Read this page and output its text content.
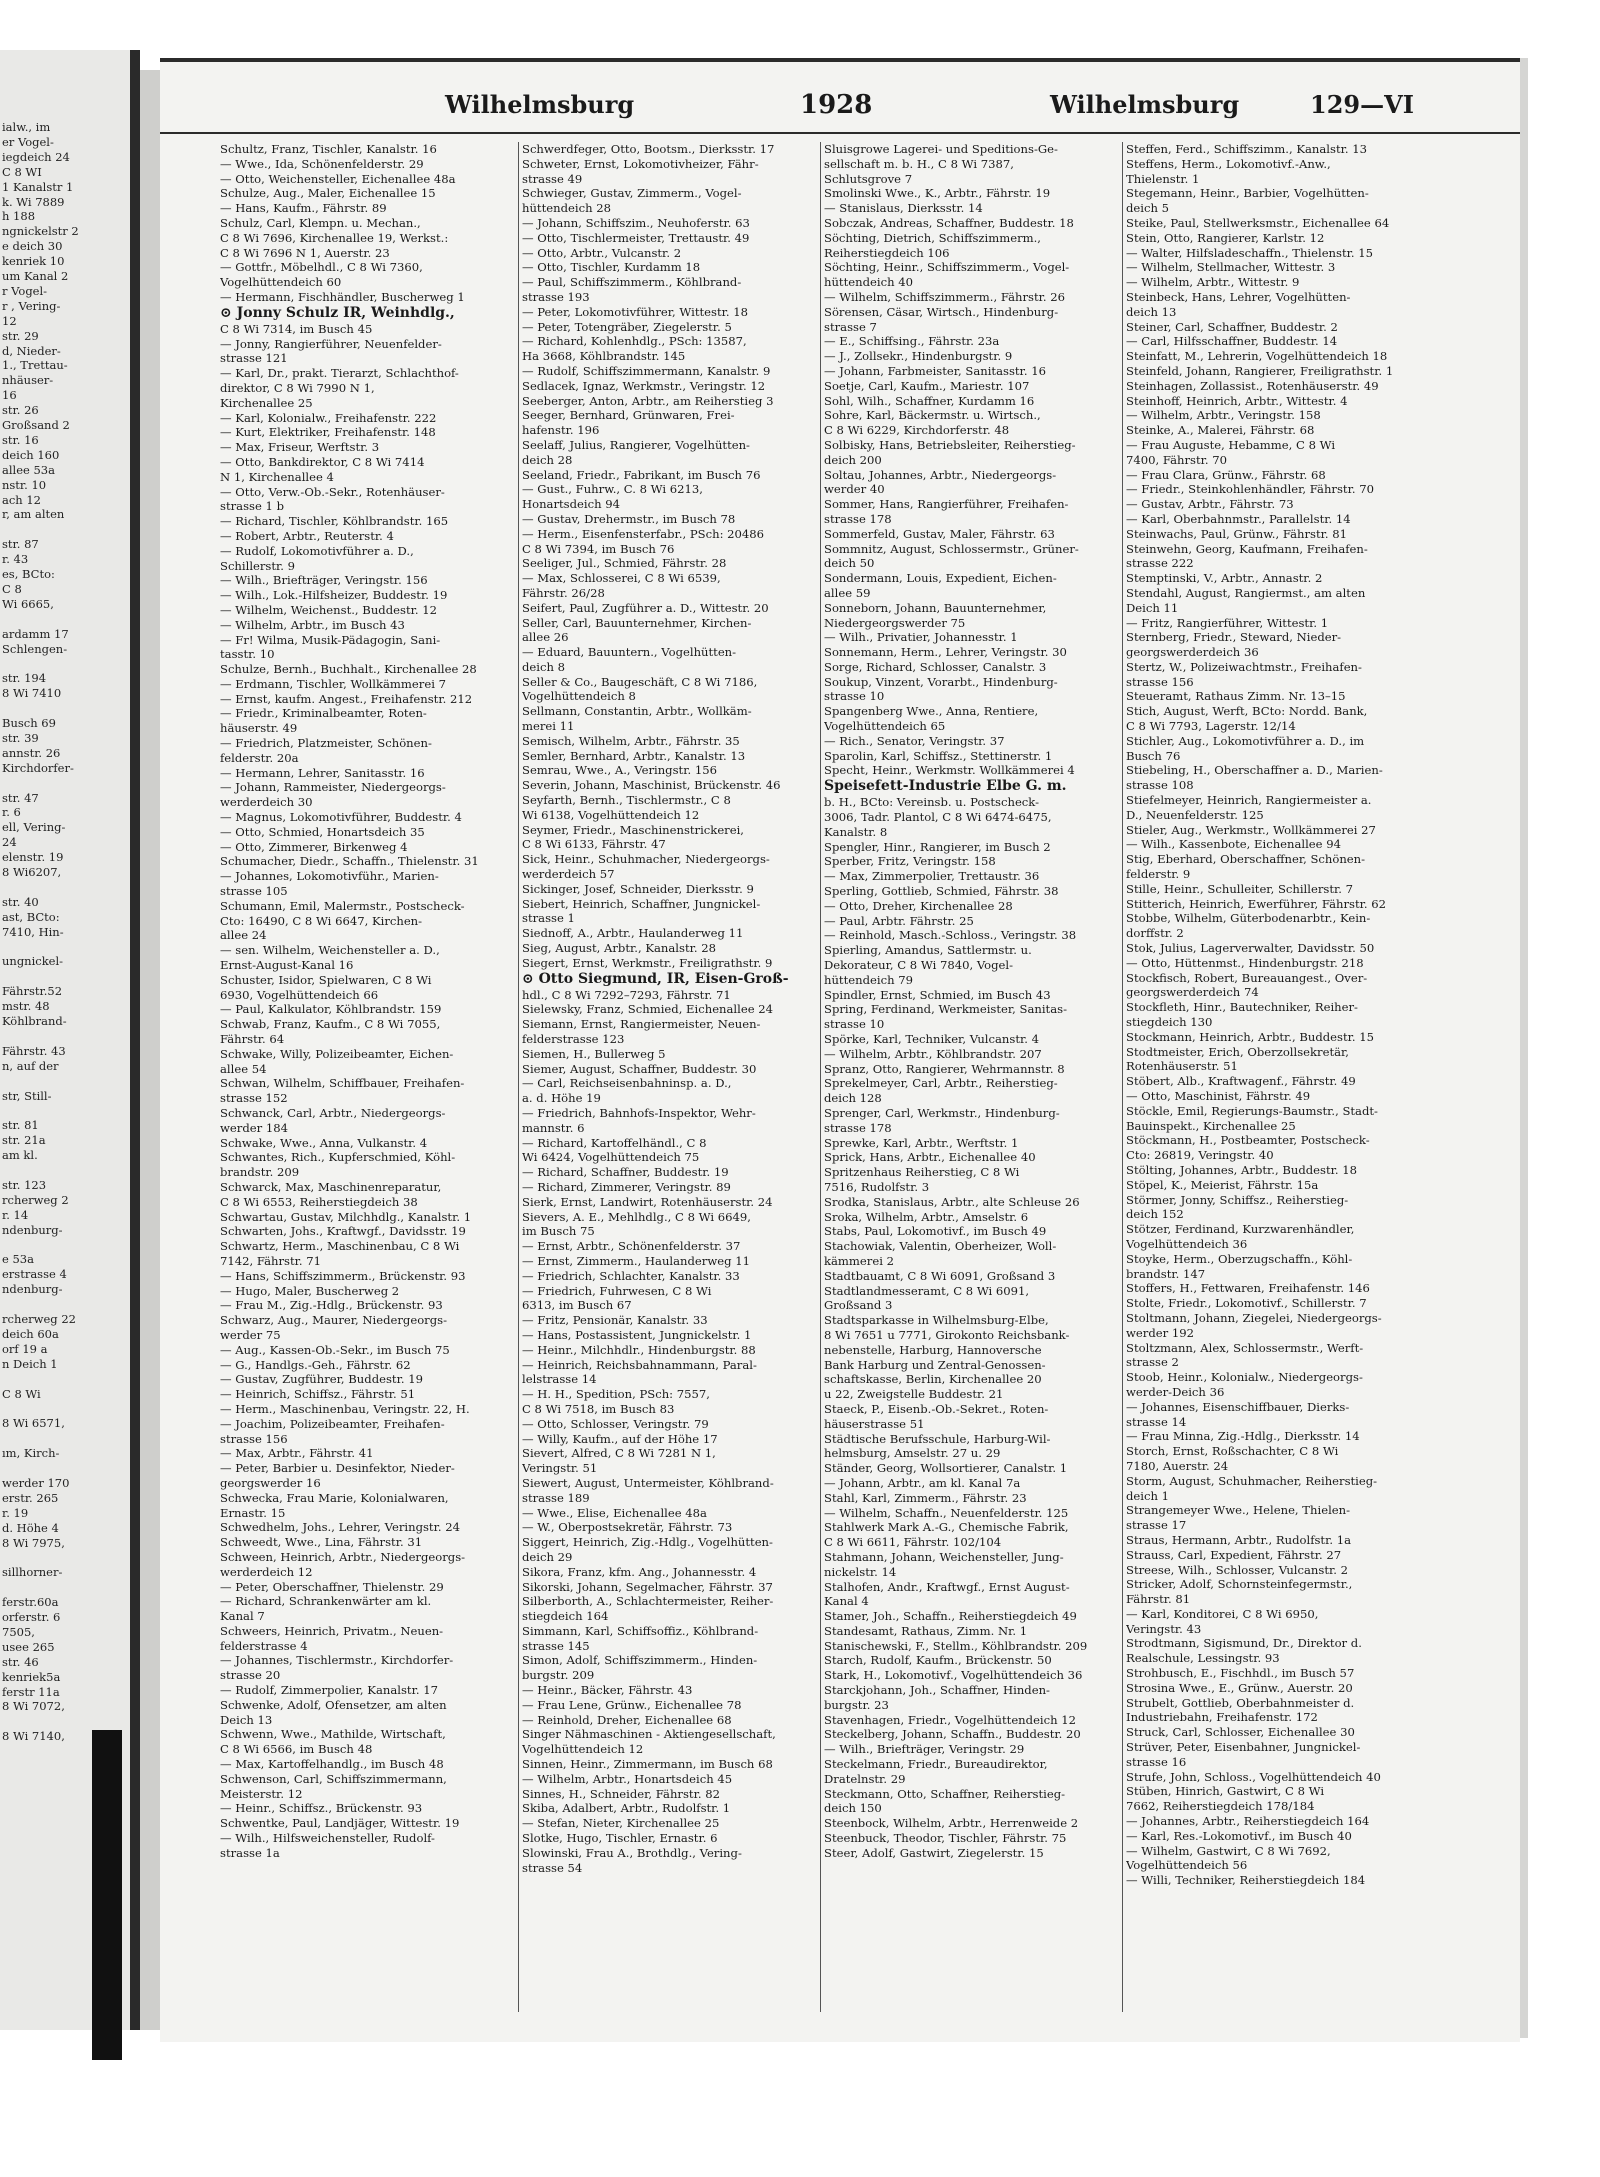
ialw., im
er Vogel-
iegdeich 24
C 8 WI
1 Kanalstr 1
k. Wi 7889
h 188
ngnickelstr 2
e deich 30
kenriek 10
um Kanal 2
r Vogel-
r , Vering-
12
str. 29
d, Nieder-
1., Trettau-
nhäuser-
16
str. 26
Großsand 2
str. 16
deich 160
allee 53a
nstr. 10
ach 12
r, am alten
str. 87
r. 43
es, BCto:
C 8
Wi 6665,
ardamm 17
Schlengen-
str. 194
8 Wi 7410
Busch 69
str. 39
annstr. 26
Kirchdorfer-
str. 47
r. 6
ell, Vering-
24
elenstr. 19
8 Wi6207,
str. 40
ast, BCto:
7410, Hin-
ungnickel-
Fährstr.52
mstr. 48
Köhlbrand-
Fährstr. 43
n, auf der
str, Still-
str. 81
str. 21a
am kl.
str. 123
rcherweg 2
r. 14
ndenburg-
e 53a
erstrasse 4
ndenburg-
rcherweg 22
deich 60a
orf 19 a
n Deich 1
C 8 Wi
8 Wi 6571,
ım, Kirch-
werder 170
erstr. 265
r. 19
d. Höhe 4
8 Wi 7975,
sillhorner-
ferstr.60a
orferstr. 6
7505,
usee 265
str. 46
kenriek5a
ferstr 11a
8 Wi 7072,
8 Wi 7140,
Wilhelmsburg	1928	Wilhelmsburg	129—VI

Schultz, Franz, Tischler, Kanalstr. 16

— Wwe., Ida, Schönenfelderstr. 29

— Otto, Weichensteller, Eichenallee 48a

Schulze, Aug., Maler, Eichenallee 15

— Hans, Kaufm., Fährstr. 89

Schulz, Carl, Klempn. u. Mechan.,

C 8 Wi 7696, Kirchenallee 19, Werkst.:

C 8 Wi 7696 N 1, Auerstr. 23

— Gottfr., Möbelhdl., C 8 Wi 7360,

Vogelhüttendeich 60

— Hermann, Fischhändler, Buscherweg 1

⊙ Jonny Schulz IR, Weinhdlg.,

C 8 Wi 7314, im Busch 45

— Jonny, Rangierführer, Neuenfelder-

strasse 121

— Karl, Dr., prakt. Tierarzt, Schlachthof-

direktor, C 8 Wi 7990 N 1,

Kirchenallee 25

— Karl, Kolonialw., Freihafenstr. 222

— Kurt, Elektriker, Freihafenstr. 148

— Max, Friseur, Werftstr. 3

— Otto, Bankdirektor, C 8 Wi 7414

N 1, Kirchenallee 4

— Otto, Verw.-Ob.-Sekr., Rotenhäuser-

strasse 1 b

— Richard, Tischler, Köhlbrandstr. 165

— Robert, Arbtr., Reuterstr. 4

— Rudolf, Lokomotivführer a. D.,

Schillerstr. 9

— Wilh., Briefträger, Veringstr. 156

— Wilh., Lok.-Hilfsheizer, Buddestr. 19

— Wilhelm, Weichenst., Buddestr. 12

— Wilhelm, Arbtr., im Busch 43

— Fr! Wilma, Musik-Pädagogin, Sani-

tasstr. 10

Schulze, Bernh., Buchhalt., Kirchenallee 28

— Erdmann, Tischler, Wollkämmerei 7

— Ernst, kaufm. Angest., Freihafenstr. 212

— Friedr., Kriminalbeamter, Roten-

häuserstr. 49

— Friedrich, Platzmeister, Schönen-

felderstr. 20a

— Hermann, Lehrer, Sanitasstr. 16

— Johann, Rammeister, Niedergeorgs-

werderdeich 30

— Magnus, Lokomotivführer, Buddestr. 4

— Otto, Schmied, Honartsdeich 35

— Otto, Zimmerer, Birkenweg 4

Schumacher, Diedr., Schaffn., Thielenstr. 31

— Johannes, Lokomotivführ., Marien-

strasse 105

Schumann, Emil, Malermstr., Postscheck-

Cto: 16490, C 8 Wi 6647, Kirchen-

allee 24

— sen. Wilhelm, Weichensteller a. D.,

Ernst-August-Kanal 16

Schuster, Isidor, Spielwaren, C 8 Wi

6930, Vogelhüttendeich 66

— Paul, Kalkulator, Köhlbrandstr. 159

Schwab, Franz, Kaufm., C 8 Wi 7055,

Fährstr. 64

Schwake, Willy, Polizeibeamter, Eichen-

allee 54

Schwan, Wilhelm, Schiffbauer, Freihafen-

strasse 152

Schwanck, Carl, Arbtr., Niedergeorgs-

werder 184

Schwake, Wwe., Anna, Vulkanstr. 4

Schwantes, Rich., Kupferschmied, Köhl-

brandstr. 209

Schwarck, Max, Maschinenreparatur,

C 8 Wi 6553, Reiherstiegdeich 38

Schwartau, Gustav, Milchhdlg., Kanalstr. 1

Schwarten, Johs., Kraftwgf., Davidsstr. 19

Schwartz, Herm., Maschinenbau, C 8 Wi

7142, Fährstr. 71

— Hans, Schiffszimmerm., Brückenstr. 93

— Hugo, Maler, Buscherweg 2

— Frau M., Zig.-Hdlg., Brückenstr. 93

Schwarz, Aug., Maurer, Niedergeorgs-

werder 75

— Aug., Kassen-Ob.-Sekr., im Busch 75

— G., Handlgs.-Geh., Fährstr. 62

— Gustav, Zugführer, Buddestr. 19

— Heinrich, Schiffsz., Fährstr. 51

— Herm., Maschinenbau, Veringstr. 22, H.

— Joachim, Polizeibeamter, Freihafen-

strasse 156

— Max, Arbtr., Fährstr. 41

— Peter, Barbier u. Desinfektor, Nieder-

georgswerder 16

Schwecka, Frau Marie, Kolonialwaren,

Ernastr. 15

Schwedhelm, Johs., Lehrer, Veringstr. 24

Schweedt, Wwe., Lina, Fährstr. 31

Schween, Heinrich, Arbtr., Niedergeorgs-

werderdeich 12

— Peter, Oberschaffner, Thielenstr. 29

— Richard, Schrankenwärter am kl.

Kanal 7

Schweers, Heinrich, Privatm., Neuen-

felderstrasse 4

— Johannes, Tischlermstr., Kirchdorfer-

strasse 20

— Rudolf, Zimmerpolier, Kanalstr. 17

Schwenke, Adolf, Ofensetzer, am alten

Deich 13

Schwenn, Wwe., Mathilde, Wirtschaft,

C 8 Wi 6566, im Busch 48

— Max, Kartoffelhandlg., im Busch 48

Schwenson, Carl, Schiffszimmermann,

Meisterstr. 12

— Heinr., Schiffsz., Brückenstr. 93

Schwentke, Paul, Landjäger, Wittestr. 19

— Wilh., Hilfsweichensteller, Rudolf-

strasse 1a

Schwerdfeger, Otto, Bootsm., Dierksstr. 17

Schweter, Ernst, Lokomotivheizer, Fähr-

strasse 49

Schwieger, Gustav, Zimmerm., Vogel-

hüttendeich 28

— Johann, Schiffszim., Neuhoferstr. 63

— Otto, Tischlermeister, Trettaustr. 49

— Otto, Arbtr., Vulcanstr. 2

— Otto, Tischler, Kurdamm 18

— Paul, Schiffszimmerm., Köhlbrand-

strasse 193

— Peter, Lokomotivführer, Wittestr. 18

— Peter, Totengräber, Ziegelerstr. 5

— Richard, Kohlenhdlg., PSch: 13587,

Ha 3668, Köhlbrandstr. 145

— Rudolf, Schiffszimmermann, Kanalstr. 9

Sedlacek, Ignaz, Werkmstr., Veringstr. 12

Seeberger, Anton, Arbtr., am Reiherstieg 3

Seeger, Bernhard, Grünwaren, Frei-

hafenstr. 196

Seelaff, Julius, Rangierer, Vogelhütten-

deich 28

Seeland, Friedr., Fabrikant, im Busch 76

— Gust., Fuhrw., C. 8 Wi 6213,

Honartsdeich 94

— Gustav, Drehermstr., im Busch 78

— Herm., Eisenfensterfabr., PSch: 20486

C 8 Wi 7394, im Busch 76

Seeliger, Jul., Schmied, Fährstr. 28

— Max, Schlosserei, C 8 Wi 6539,

Fährstr. 26/28

Seifert, Paul, Zugführer a. D., Wittestr. 20

Seller, Carl, Bauunternehmer, Kirchen-

allee 26

— Eduard, Bauuntern., Vogelhütten-

deich 8

Seller & Co., Baugeschäft, C 8 Wi 7186,

Vogelhüttendeich 8

Sellmann, Constantin, Arbtr., Wollkäm-

merei 11

Semisch, Wilhelm, Arbtr., Fährstr. 35

Semler, Bernhard, Arbtr., Kanalstr. 13

Semrau, Wwe., A., Veringstr. 156

Severin, Johann, Maschinist, Brückenstr. 46

Seyfarth, Bernh., Tischlermstr., C 8

Wi 6138, Vogelhüttendeich 12

Seymer, Friedr., Maschinenstrickerei,

C 8 Wi 6133, Fährstr. 47

Sick, Heinr., Schuhmacher, Niedergeorgs-

werderdeich 57

Sickinger, Josef, Schneider, Dierksstr. 9

Siebert, Heinrich, Schaffner, Jungnickel-

strasse 1

Siednoff, A., Arbtr., Haulanderweg 11

Sieg, August, Arbtr., Kanalstr. 28

Siegert, Ernst, Werkmstr., Freiligrathstr. 9

⊙ Otto Siegmund, IR, Eisen-Groß-

hdl., C 8 Wi 7292–7293, Fährstr. 71

Sielewsky, Franz, Schmied, Eichenallee 24

Siemann, Ernst, Rangiermeister, Neuen-

felderstrasse 123

Siemen, H., Bullerweg 5

Siemer, August, Schaffner, Buddestr. 30

— Carl, Reichseisenbahninsp. a. D.,

a. d. Höhe 19

— Friedrich, Bahnhofs-Inspektor, Wehr-

mannstr. 6

— Richard, Kartoffelhändl., C 8

Wi 6424, Vogelhüttendeich 75

— Richard, Schaffner, Buddestr. 19

— Richard, Zimmerer, Veringstr. 89

Sierk, Ernst, Landwirt, Rotenhäuserstr. 24

Sievers, A. E., Mehlhdlg., C 8 Wi 6649,

im Busch 75

— Ernst, Arbtr., Schönenfelderstr. 37

— Ernst, Zimmerm., Haulanderweg 11

— Friedrich, Schlachter, Kanalstr. 33

— Friedrich, Fuhrwesen, C 8 Wi

6313, im Busch 67

— Fritz, Pensionär, Kanalstr. 33

— Hans, Postassistent, Jungnickelstr. 1

— Heinr., Milchhdlr., Hindenburgstr. 88

— Heinrich, Reichsbahnammann, Paral-

lelstrasse 14

— H. H., Spedition, PSch: 7557,

C 8 Wi 7518, im Busch 83

— Otto, Schlosser, Veringstr. 79

— Willy, Kaufm., auf der Höhe 17

Sievert, Alfred, C 8 Wi 7281 N 1,

Veringstr. 51

Siewert, August, Untermeister, Köhlbrand-

strasse 189

— Wwe., Elise, Eichenallee 48a

— W., Oberpostsekretär, Fährstr. 73

Siggert, Heinrich, Zig.-Hdlg., Vogelhütten-

deich 29

Sikora, Franz, kfm. Ang., Johannesstr. 4

Sikorski, Johann, Segelmacher, Fährstr. 37

Silberborth, A., Schlachtermeister, Reiher-

stiegdeich 164

Simmann, Karl, Schiffsoffiz., Köhlbrand-

strasse 145

Simon, Adolf, Schiffszimmerm., Hinden-

burgstr. 209

— Heinr., Bäcker, Fährstr. 43

— Frau Lene, Grünw., Eichenallee 78

— Reinhold, Dreher, Eichenallee 68

Singer Nähmaschinen - Aktiengesellschaft,

Vogelhüttendeich 12

Sinnen, Heinr., Zimmermann, im Busch 68

— Wilhelm, Arbtr., Honartsdeich 45

Sinnes, H., Schneider, Fährstr. 82

Skiba, Adalbert, Arbtr., Rudolfstr. 1

— Stefan, Nieter, Kirchenallee 25

Slotke, Hugo, Tischler, Ernastr. 6

Slowinski, Frau A., Brothdlg., Vering-

strasse 54

Sluisgrowe Lagerei- und Speditions-Ge-

sellschaft m. b. H., C 8 Wi 7387,

Schlutsgrove 7

Smolinski Wwe., K., Arbtr., Fährstr. 19

— Stanislaus, Dierksstr. 14

Sobczak, Andreas, Schaffner, Buddestr. 18

Söchting, Dietrich, Schiffszimmerm.,

Reiherstiegdeich 106

Söchting, Heinr., Schiffszimmerm., Vogel-

hüttendeich 40

— Wilhelm, Schiffszimmerm., Fährstr. 26

Sörensen, Cäsar, Wirtsch., Hindenburg-

strasse 7

— E., Schiffsing., Fährstr. 23a

— J., Zollsekr., Hindenburgstr. 9

— Johann, Farbmeister, Sanitasstr. 16

Soetje, Carl, Kaufm., Mariestr. 107

Sohl, Wilh., Schaffner, Kurdamm 16

Sohre, Karl, Bäckermstr. u. Wirtsch.,

C 8 Wi 6229, Kirchdorferstr. 48

Solbisky, Hans, Betriebsleiter, Reiherstieg-

deich 200

Soltau, Johannes, Arbtr., Niedergeorgs-

werder 40

Sommer, Hans, Rangierführer, Freihafen-

strasse 178

Sommerfeld, Gustav, Maler, Fährstr. 63

Sommnitz, August, Schlossermstr., Grüner-

deich 50

Sondermann, Louis, Expedient, Eichen-

allee 59

Sonneborn, Johann, Bauunternehmer,

Niedergeorgswerder 75

— Wilh., Privatier, Johannesstr. 1

Sonnemann, Herm., Lehrer, Veringstr. 30

Sorge, Richard, Schlosser, Canalstr. 3

Soukup, Vinzent, Vorarbt., Hindenburg-

strasse 10

Spangenberg Wwe., Anna, Rentiere,

Vogelhüttendeich 65

— Rich., Senator, Veringstr. 37

Sparolin, Karl, Schiffsz., Stettinerstr. 1

Specht, Heinr., Werkmstr. Wollkämmerei 4

Speisefett-Industrie Elbe G. m.

b. H., BCto: Vereinsb. u. Postscheck-

3006, Tadr. Plantol, C 8 Wi 6474-6475,

Kanalstr. 8

Spengler, Hinr., Rangierer, im Busch 2

Sperber, Fritz, Veringstr. 158

— Max, Zimmerpolier, Trettaustr. 36

Sperling, Gottlieb, Schmied, Fährstr. 38

— Otto, Dreher, Kirchenallee 28

— Paul, Arbtr. Fährstr. 25

— Reinhold, Masch.-Schloss., Veringstr. 38

Spierling, Amandus, Sattlermstr. u.

Dekorateur, C 8 Wi 7840, Vogel-

hüttendeich 79

Spindler, Ernst, Schmied, im Busch 43

Spring, Ferdinand, Werkmeister, Sanitas-

strasse 10

Spörke, Karl, Techniker, Vulcanstr. 4

— Wilhelm, Arbtr., Köhlbrandstr. 207

Spranz, Otto, Rangierer, Wehrmannstr. 8

Sprekelmeyer, Carl, Arbtr., Reiherstieg-

deich 128

Sprenger, Carl, Werkmstr., Hindenburg-

strasse 178

Sprewke, Karl, Arbtr., Werftstr. 1

Sprick, Hans, Arbtr., Eichenallee 40

Spritzenhaus Reiherstieg, C 8 Wi

7516, Rudolfstr. 3

Srodka, Stanislaus, Arbtr., alte Schleuse 26

Sroka, Wilhelm, Arbtr., Amselstr. 6

Stabs, Paul, Lokomotivf., im Busch 49

Stachowiak, Valentin, Oberheizer, Woll-

kämmerei 2

Stadtbauamt, C 8 Wi 6091, Großsand 3

Stadtlandmesseramt, C 8 Wi 6091,

Großsand 3

Stadtsparkasse in Wilhelmsburg-Elbe,

8 Wi 7651 u 7771, Girokonto Reichsbank-

nebenstelle, Harburg, Hannoversche

Bank Harburg und Zentral-Genossen-

schaftskasse, Berlin, Kirchenallee 20

u 22, Zweigstelle Buddestr. 21

Staeck, P., Eisenb.-Ob.-Sekret., Roten-

häuserstrasse 51

Städtische Berufsschule, Harburg-Wil-

helmsburg, Amselstr. 27 u. 29

Ständer, Georg, Wollsortierer, Canalstr. 1

— Johann, Arbtr., am kl. Kanal 7a

Stahl, Karl, Zimmerm., Fährstr. 23

— Wilhelm, Schaffn., Neuenfelderstr. 125

Stahlwerk Mark A.-G., Chemische Fabrik,

C 8 Wi 6611, Fährstr. 102/104

Stahmann, Johann, Weichensteller, Jung-

nickelstr. 14

Stalhofen, Andr., Kraftwgf., Ernst August-

Kanal 4

Stamer, Joh., Schaffn., Reiherstiegdeich 49

Standesamt, Rathaus, Zimm. Nr. 1

Stanischewski, F., Stellm., Köhlbrandstr. 209

Starch, Rudolf, Kaufm., Brückenstr. 50

Stark, H., Lokomotivf., Vogelhüttendeich 36

Starckjohann, Joh., Schaffner, Hinden-

burgstr. 23

Stavenhagen, Friedr., Vogelhüttendeich 12

Steckelberg, Johann, Schaffn., Buddestr. 20

— Wilh., Briefträger, Veringstr. 29

Steckelmann, Friedr., Bureaudirektor,

Dratelnstr. 29

Steckmann, Otto, Schaffner, Reiherstieg-

deich 150

Steenbock, Wilhelm, Arbtr., Herrenweide 2

Steenbuck, Theodor, Tischler, Fährstr. 75

Steer, Adolf, Gastwirt, Ziegelerstr. 15

Steffen, Ferd., Schiffszimm., Kanalstr. 13

Steffens, Herm., Lokomotivf.-Anw.,

Thielenstr. 1

Stegemann, Heinr., Barbier, Vogelhütten-

deich 5

Steike, Paul, Stellwerksmstr., Eichenallee 64

Stein, Otto, Rangierer, Karlstr. 12

— Walter, Hilfsladeschaffn., Thielenstr. 15

— Wilhelm, Stellmacher, Wittestr. 3

— Wilhelm, Arbtr., Wittestr. 9

Steinbeck, Hans, Lehrer, Vogelhütten-

deich 13

Steiner, Carl, Schaffner, Buddestr. 2

— Carl, Hilfsschaffner, Buddestr. 14

Steinfatt, M., Lehrerin, Vogelhüttendeich 18

Steinfeld, Johann, Rangierer, Freiligrathstr. 1

Steinhagen, Zollassist., Rotenhäuserstr. 49

Steinhoff, Heinrich, Arbtr., Wittestr. 4

— Wilhelm, Arbtr., Veringstr. 158

Steinke, A., Malerei, Fährstr. 68

— Frau Auguste, Hebamme, C 8 Wi

7400, Fährstr. 70

— Frau Clara, Grünw., Fährstr. 68

— Friedr., Steinkohlenhändler, Fährstr. 70

— Gustav, Arbtr., Fährstr. 73

— Karl, Oberbahnmstr., Parallelstr. 14

Steinwachs, Paul, Grünw., Fährstr. 81

Steinwehn, Georg, Kaufmann, Freihafen-

strasse 222

Stemptinski, V., Arbtr., Annastr. 2

Stendahl, August, Rangiermst., am alten

Deich 11

— Fritz, Rangierführer, Wittestr. 1

Sternberg, Friedr., Steward, Nieder-

georgswerderdeich 36

Stertz, W., Polizeiwachtmstr., Freihafen-

strasse 156

Steueramt, Rathaus Zimm. Nr. 13–15

Stich, August, Werft, BCto: Nordd. Bank,

C 8 Wi 7793, Lagerstr. 12/14

Stichler, Aug., Lokomotivführer a. D., im

Busch 76

Stiebeling, H., Oberschaffner a. D., Marien-

strasse 108

Stiefelmeyer, Heinrich, Rangiermeister a.

D., Neuenfelderstr. 125

Stieler, Aug., Werkmstr., Wollkämmerei 27

— Wilh., Kassenbote, Eichenallee 94

Stig, Eberhard, Oberschaffner, Schönen-

felderstr. 9

Stille, Heinr., Schulleiter, Schillerstr. 7

Stitterich, Heinrich, Ewerführer, Fährstr. 62

Stobbe, Wilhelm, Güterbodenarbtr., Kein-

dorffstr. 2

Stok, Julius, Lagerverwalter, Davidsstr. 50

— Otto, Hüttenmst., Hindenburgstr. 218

Stockfisch, Robert, Bureauangest., Over-

georgswerderdeich 74

Stockfleth, Hinr., Bautechniker, Reiher-

stiegdeich 130

Stockmann, Heinrich, Arbtr., Buddestr. 15

Stodtmeister, Erich, Oberzollsekretär,

Rotenhäuserstr. 51

Stöbert, Alb., Kraftwagenf., Fährstr. 49

— Otto, Maschinist, Fährstr. 49

Stöckle, Emil, Regierungs-Baumstr., Stadt-

Bauinspekt., Kirchenallee 25

Stöckmann, H., Postbeamter, Postscheck-

Cto: 26819, Veringstr. 40

Stölting, Johannes, Arbtr., Buddestr. 18

Stöpel, K., Meierist, Fährstr. 15a

Störmer, Jonny, Schiffsz., Reiherstieg-

deich 152

Stötzer, Ferdinand, Kurzwarenhändler,

Vogelhüttendeich 36

Stoyke, Herm., Oberzugschaffn., Köhl-

brandstr. 147

Stoffers, H., Fettwaren, Freihafenstr. 146

Stolte, Friedr., Lokomotivf., Schillerstr. 7

Stoltmann, Johann, Ziegelei, Niedergeorgs-

werder 192

Stoltzmann, Alex, Schlossermstr., Werft-

strasse 2

Stoob, Heinr., Kolonialw., Niedergeorgs-

werder-Deich 36

— Johannes, Eisenschiffbauer, Dierks-

strasse 14

— Frau Minna, Zig.-Hdlg., Dierksstr. 14

Storch, Ernst, Roßschachter, C 8 Wi

7180, Auerstr. 24

Storm, August, Schuhmacher, Reiherstieg-

deich 1

Strangemeyer Wwe., Helene, Thielen-

strasse 17

Straus, Hermann, Arbtr., Rudolfstr. 1a

Strauss, Carl, Expedient, Fährstr. 27

Streese, Wilh., Schlosser, Vulcanstr. 2

Stricker, Adolf, Schornsteinfegermstr.,

Fährstr. 81

— Karl, Konditorei, C 8 Wi 6950,

Veringstr. 43

Strodtmann, Sigismund, Dr., Direktor d.

Realschule, Lessingstr. 93

Strohbusch, E., Fischhdl., im Busch 57

Strosina Wwe., E., Grünw., Auerstr. 20

Strubelt, Gottlieb, Oberbahnmeister d.

Industriebahn, Freihafenstr. 172

Struck, Carl, Schlosser, Eichenallee 30

Strüver, Peter, Eisenbahner, Jungnickel-

strasse 16

Strufe, John, Schloss., Vogelhüttendeich 40

Stüben, Hinrich, Gastwirt, C 8 Wi

7662, Reiherstiegdeich 178/184

— Johannes, Arbtr., Reiherstiegdeich 164

— Karl, Res.-Lokomotivf., im Busch 40

— Wilhelm, Gastwirt, C 8 Wi 7692,

Vogelhüttendeich 56

— Willi, Techniker, Reiherstiegdeich 184
